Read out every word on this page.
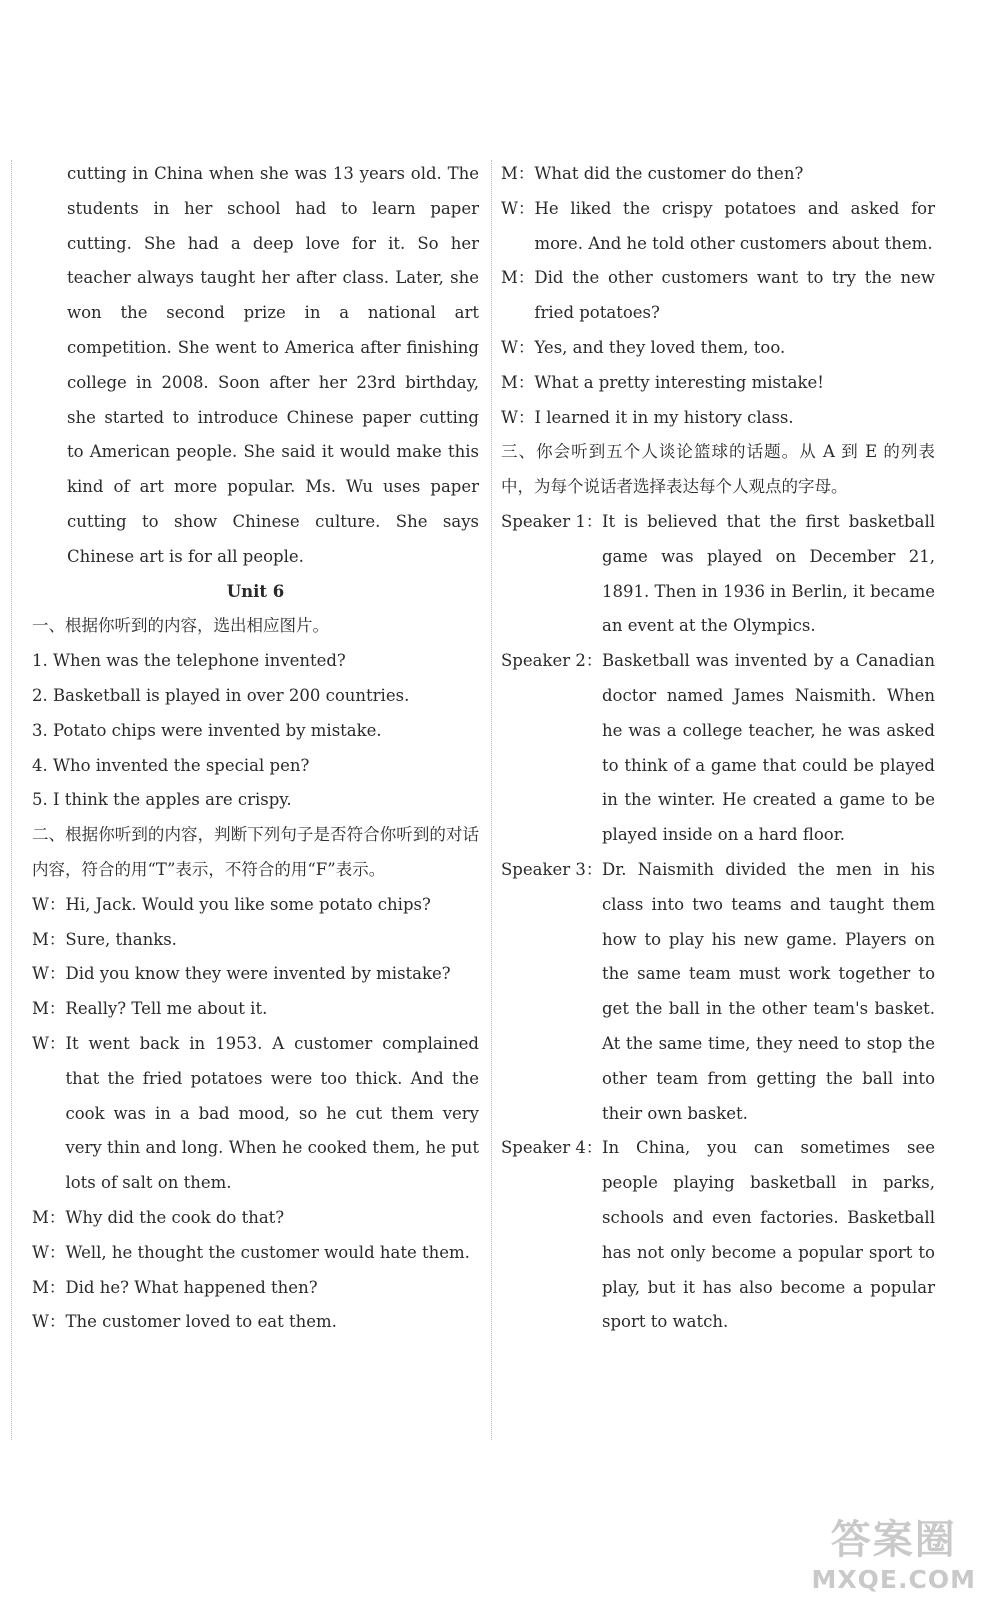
cutting in China when she was 13 years old. The students in her school had to learn paper cutting. She had a deep love for it. So her teacher always taught her after class. Later, she won the second prize in a national art competition. She went to America after finishing college in 2008. Soon after her 23rd birthday, she started to introduce Chinese paper cutting to American people. She said it would make this kind of art more popular. Ms. Wu uses paper cutting to show Chinese culture. She says Chinese art is for all people.

Unit 6

一、根据你听到的内容，选出相应图片。

1. When was the telephone invented?

2. Basketball is played in over 200 countries.

3. Potato chips were invented by mistake.

4. Who invented the special pen?

5. I think the apples are crispy.

二、根据你听到的内容，判断下列句子是否符合你听到的对话内容，符合的用“T”表示，不符合的用“F”表示。

W： Hi, Jack. Would you like some potato chips?
M： Sure, thanks.
W： Did you know they were invented by mistake?
M： Really? Tell me about it.
W： It went back in 1953. A customer complained that the fried potatoes were too thick. And the cook was in a bad mood, so he cut them very very thin and long. When he cooked them, he put lots of salt on them.
M： Why did the cook do that?
W： Well, he thought the customer would hate them.
M： Did he? What happened then?
W： The customer loved to eat them.
M： What did the customer do then?
W： He liked the crispy potatoes and asked for more. And he told other customers about them.
M： Did the other customers want to try the new fried potatoes?
W： Yes, and they loved them, too.
M： What a pretty interesting mistake!
W： I learned it in my history class.

三、你会听到五个人谈论篮球的话题。从 A 到 E 的列表中，为每个说话者选择表达每个人观点的字母。

Speaker 1： It is believed that the first basketball game was played on December 21, 1891. Then in 1936 in Berlin, it became an event at the Olympics.
Speaker 2： Basketball was invented by a Canadian doctor named James Naismith. When he was a college teacher, he was asked to think of a game that could be played in the winter. He created a game to be played inside on a hard floor.
Speaker 3： Dr. Naismith divided the men in his class into two teams and taught them how to play his new game. Players on the same team must work together to get the ball in the other team's basket. At the same time, they need to stop the other team from getting the ball into their own basket.
Speaker 4： In China, you can sometimes see people playing basketball in parks, schools and even factories. Basketball has not only become a popular sport to play, but it has also become a popular sport to watch.
答案圈
MXQE.COM
